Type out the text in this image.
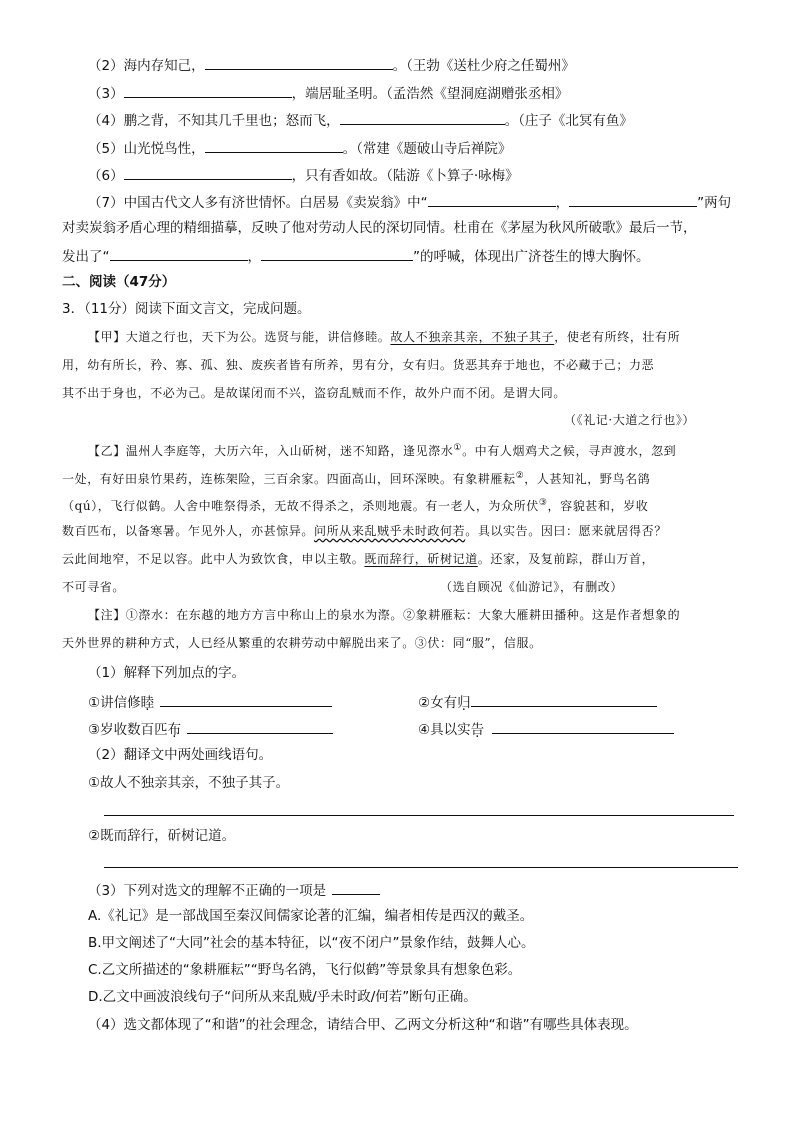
（2）海内存知己，	。（王勃《送杜少府之任蜀州》
（3）	，端居耻圣明。（孟浩然《望洞庭湖赠张丞相》
（4）鹏之背，不知其几千里也；怒而飞，	。（庄子《北冥有鱼》
（5）山光悦鸟性，	。（常建《题破山寺后禅院》
（6）	，只有香如故。（陆游《卜算子·咏梅》
（7）中国古代文人多有济世情怀。白居易《卖炭翁》中“	，	”两句
对卖炭翁矛盾心理的精细描摹，反映了他对劳动人民的深切同情。杜甫在《茅屋为秋风所破歌》最后一节，
发出了“	，	”的呼喊，体现出广济苍生的博大胸怀。
二、阅读（47分）
3．（11分）阅读下面文言文，完成问题。
【甲】大道之行也，天下为公。选贤与能，讲信修睦。故人不独亲其亲，不独子其子，使老有所终，壮有所
用，幼有所长，矜、寡、孤、独、废疾者皆有所养，男有分，女有归。货恶其弃于地也，不必藏于己；力恶
其不出于身也，不必为己。是故谋闭而不兴，盗窃乱贼而不作，故外户而不闭。是谓大同。
（《礼记·大道之行也》）
【乙】温州人李庭等，大历六年，入山斫树，迷不知路，逢见漈水①。中有人烟鸡犬之候，寻声渡水，忽到
一处，有好田泉竹果药，连栋架险，三百余家。四面高山，回环深映。有象耕雁耘②，人甚知礼，野鸟名鹆
（qú），飞行似鹤。人舍中唯祭得杀，无故不得杀之，杀则地震。有一老人，为众所伏③，容貌甚和，岁收
数百匹布，以备寒暑。乍见外人，亦甚惊异。问所从来乱贼乎未时政何若。具以实告。因曰：愿来就居得否？
云此间地窄，不足以容。此中人为致饮食，申以主敬。既而辞行，斫树记道。还家，及复前踪，群山万首，
不可寻省。	（选自顾况《仙游记》，有删改）
【注】①漈水：在东越的地方方言中称山上的泉水为漈。②象耕雁耘：大象大雁耕田播种。这是作者想象的
天外世界的耕种方式，人已经从繁重的农耕劳动中解脱出来了。③伏：同“服”，信服。
（1）解释下列加点的字。
①讲信修睦	②女有归
③岁收数百匹布	④具以实告
（2）翻译文中两处画线语句。
①故人不独亲其亲，不独子其子。
②既而辞行，斫树记道。
（3）下列对选文的理解不正确的一项是
A.《礼记》是一部战国至秦汉间儒家论著的汇编，编者相传是西汉的戴圣。
B.甲文阐述了“大同”社会的基本特征，以“夜不闭户”景象作结，鼓舞人心。
C.乙文所描述的“象耕雁耘”“野鸟名鹆，飞行似鹤”等景象具有想象色彩。
D.乙文中画波浪线句子“问所从来乱贼/乎未时政/何若”断句正确。
（4）选文都体现了“和谐”的社会理念，请结合甲、乙两文分析这种“和谐”有哪些具体表现。
